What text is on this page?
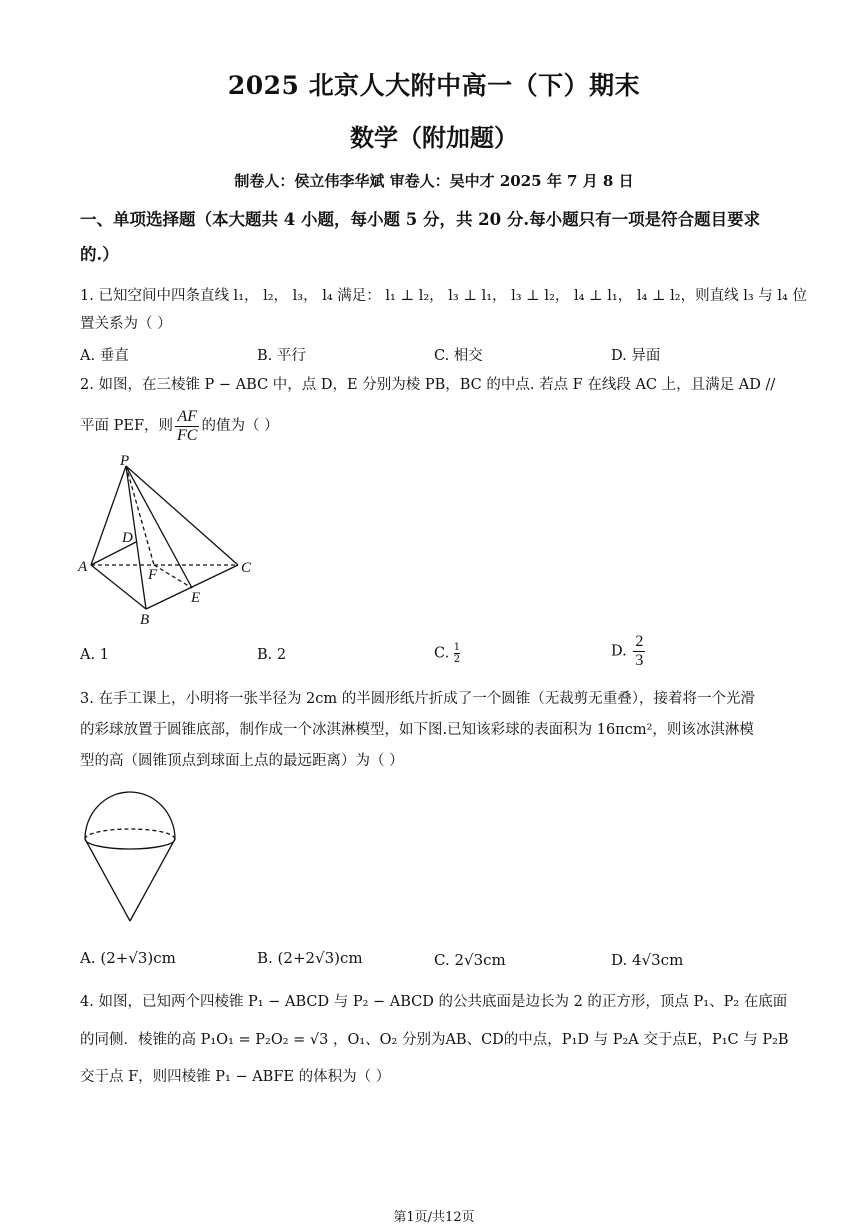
2025 北京人大附中高一（下）期末
数学（附加题）
制卷人：侯立伟李华斌 审卷人：吴中才 2025 年 7 月 8 日
一、单项选择题（本大题共 4 小题，每小题 5 分，共 20 分.每小题只有一项是符合题目要求
的.）
1. 已知空间中四条直线 l₁， l₂， l₃， l₄ 满足： l₁ ⊥ l₂， l₃ ⊥ l₁， l₃ ⊥ l₂， l₄ ⊥ l₁， l₄ ⊥ l₂，则直线 l₃ 与 l₄ 位
置关系为（ ）
A. 垂直	B. 平行	C. 相交	D. 异面
2. 如图，在三棱锥 P − ABC 中，点 D，E 分别为棱 PB，BC 的中点. 若点 F 在线段 AC 上，且满足 AD //
平面 PEF，则 $\frac{AF}{FC}$ 的值为（ ）
P
D
A	F	C
E
B
A. 1	B. 2	C. $\frac{1}{2}$	D. $\frac{2}{3}$
3. 在手工课上，小明将一张半径为 2cm 的半圆形纸片折成了一个圆锥（无裁剪无重叠），接着将一个光滑
的彩球放置于圆锥底部，制作成一个冰淇淋模型，如下图.已知该彩球的表面积为 16πcm²，则该冰淇淋模
型的高（圆锥顶点到球面上点的最远距离）为（ ）
A. (2+√3)cm	B. (2+2√3)cm	C. 2√3cm	D. 4√3cm
4. 如图，已知两个四棱锥 P₁ − ABCD 与 P₂ − ABCD 的公共底面是边长为 2 的正方形，顶点 P₁、P₂ 在底面
的同侧．棱锥的高 P₁O₁ = P₂O₂ = √3 ，O₁、O₂ 分别为AB、CD的中点，P₁D 与 P₂A 交于点E，P₁C 与 P₂B
交于点 F，则四棱锥 P₁ − ABFE 的体积为（ ）
第1页/共12页
